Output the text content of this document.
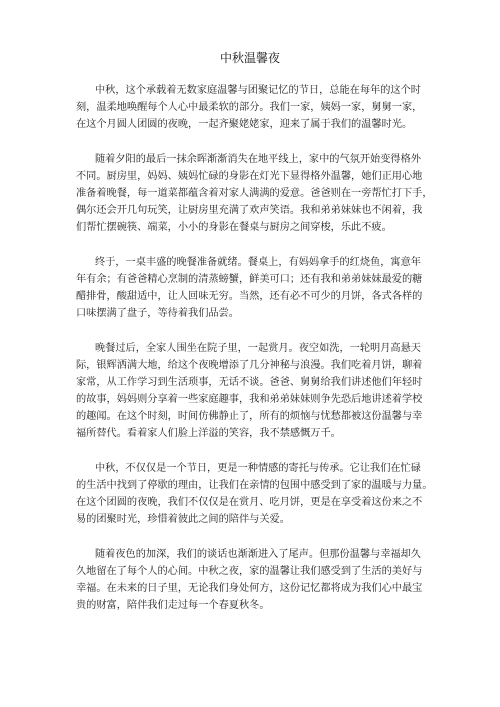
中秋温馨夜
中秋，这个承载着无数家庭温馨与团聚记忆的节日，总能在每年的这个时
刻，温柔地唤醒每个人心中最柔软的部分。我们一家，姨妈一家，舅舅一家，
在这个月圆人团圆的夜晚，一起齐聚姥姥家，迎来了属于我们的温馨时光。
随着夕阳的最后一抹余晖渐渐消失在地平线上，家中的气氛开始变得格外
不同。厨房里，妈妈、姨妈忙碌的身影在灯光下显得格外温馨，她们正用心地
准备着晚餐，每一道菜都蕴含着对家人满满的爱意。爸爸则在一旁帮忙打下手，
偶尔还会开几句玩笑，让厨房里充满了欢声笑语。我和弟弟妹妹也不闲着，我
们帮忙摆碗筷、端菜，小小的身影在餐桌与厨房之间穿梭，乐此不疲。
终于，一桌丰盛的晚餐准备就绪。餐桌上，有妈妈拿手的红烧鱼，寓意年
年有余；有爸爸精心烹制的清蒸螃蟹，鲜美可口；还有我和弟弟妹妹最爱的糖
醋排骨，酸甜适中，让人回味无穷。当然，还有必不可少的月饼，各式各样的
口味摆满了盘子，等待着我们品尝。
晚餐过后，全家人围坐在院子里，一起赏月。夜空如洗，一轮明月高悬天
际，银辉洒满大地，给这个夜晚增添了几分神秘与浪漫。我们吃着月饼，聊着
家常，从工作学习到生活琐事，无话不谈。爸爸、舅舅给我们讲述他们年轻时
的故事，妈妈则分享着一些家庭趣事，我和弟弟妹妹则争先恐后地讲述着学校
的趣闻。在这个时刻，时间仿佛静止了，所有的烦恼与忧愁都被这份温馨与幸
福所替代。看着家人们脸上洋溢的笑容，我不禁感慨万千。
中秋，不仅仅是一个节日，更是一种情感的寄托与传承。它让我们在忙碌
的生活中找到了停歇的理由，让我们在亲情的包围中感受到了家的温暖与力量。
在这个团圆的夜晚，我们不仅仅是在赏月、吃月饼，更是在享受着这份来之不
易的团聚时光，珍惜着彼此之间的陪伴与关爱。
随着夜色的加深，我们的谈话也渐渐进入了尾声。但那份温馨与幸福却久
久地留在了每个人的心间。中秋之夜，家的温馨让我们感受到了生活的美好与
幸福。在未来的日子里，无论我们身处何方，这份记忆都将成为我们心中最宝
贵的财富，陪伴我们走过每一个春夏秋冬。
